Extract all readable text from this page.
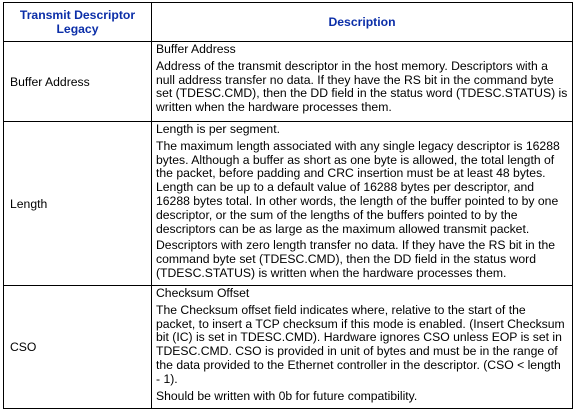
Transmit Descriptor Legacy	Description
Buffer Address	Buffer Address

Address of the transmit descriptor in the host memory. Descriptors with a null address transfer no data. If they have the RS bit in the command byte set (TDESC.CMD), then the DD field in the status word (TDESC.STATUS) is written when the hardware processes them.

Length	Length is per segment.

The maximum length associated with any single legacy descriptor is 16288 bytes. Although a buffer as short as one byte is allowed, the total length of the packet, before padding and CRC insertion must be at least 48 bytes. Length can be up to a default value of 16288 bytes per descriptor, and 16288 bytes total. In other words, the length of the buffer pointed to by one descriptor, or the sum of the lengths of the buffers pointed to by the descriptors can be as large as the maximum allowed transmit packet.

Descriptors with zero length transfer no data. If they have the RS bit in the command byte set (TDESC.CMD), then the DD field in the status word (TDESC.STATUS) is written when the hardware processes them.

CSO	Checksum Offset

The Checksum offset field indicates where, relative to the start of the packet, to insert a TCP checksum if this mode is enabled. (Insert Checksum bit (IC) is set in TDESC.CMD). Hardware ignores CSO unless EOP is set in TDESC.CMD. CSO is provided in unit of bytes and must be in the range of the data provided to the Ethernet controller in the descriptor. (CSO < length - 1).

Should be written with 0b for future compatibility.
